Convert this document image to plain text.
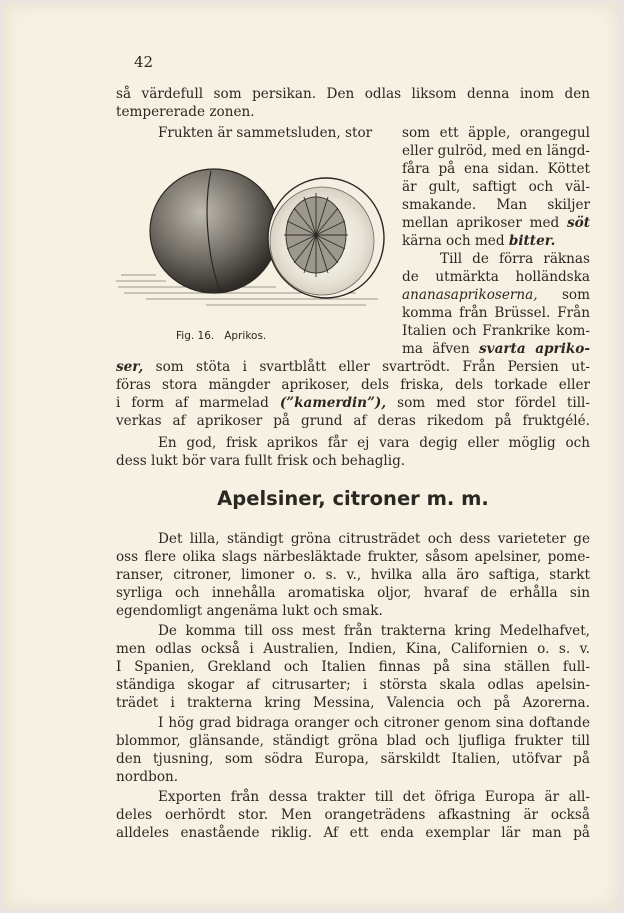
42
så värdefull som persikan. Den odlas liksom denna inom den
tempererade zonen.
Frukten är sammetsluden, stor	som ett äpple, orangegul
eller gulröd, med en längd-
fåra på ena sidan. Köttet
är gult, saftigt och väl-
smakande. Man skiljer
mellan aprikoser med söt
kärna och med bitter.
Till de förra räknas
de utmärkta holländska
ananasaprikoserna, som
komma från Brüssel. Från
Italien och Frankrike kom-
ma äfven svarta aprikо-
ser, som stöta i svartblått eller svartrödt. Från Persien ut-
föras stora mängder aprikoser, dels friska, dels torkade eller
i form af marmelad (”kamerdin”), som med stor fördel till-
verkas af aprikoser på grund af deras rikedom på fruktgélé.
En god, frisk aprikos får ej vara degig eller möglig och
dess lukt bör vara fullt frisk och behaglig.
Fig. 16. Aprikos.
Apelsiner, citroner m. m.
Det lilla, ständigt gröna citrusträdet och dess varieteter ge
oss flere olika slags närbesläktade frukter, såsom apelsiner, pome-
ranser, citroner, limoner o. s. v., hvilka alla äro saftiga, starkt
syrliga och innehålla aromatiska oljor, hvaraf de erhålla sin
egendomligt angenäma lukt och smak.
De komma till oss mest från trakterna kring Medelhafvet,
men odlas också i Australien, Indien, Kina, Californien o. s. v.
I Spanien, Grekland och Italien finnas på sina ställen full-
ständiga skogar af citrusarter; i största skala odlas apelsin-
trädet i trakterna kring Messina, Valencia och på Azorerna.
I hög grad bidraga oranger och citroner genom sina doftande
blommor, glänsande, ständigt gröna blad och ljufliga frukter till
den tjusning, som södra Europa, särskildt Italien, utöfvar på
nordbon.
Exporten från dessa trakter till det öfriga Europa är all-
deles oerhördt stor. Men orangeträdens afkastning är också
alldeles enastående riklig. Af ett enda exemplar lär man på
